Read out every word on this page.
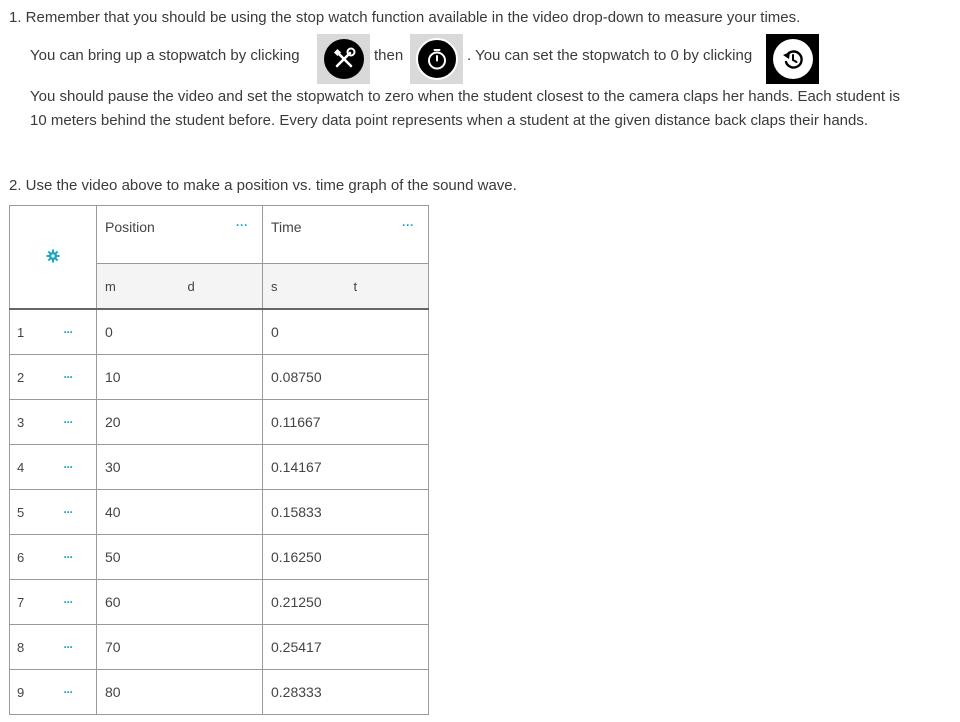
1. Remember that you should be using the stop watch function available in the video drop-down to measure your times.
You can bring up a stopwatch by clicking	then	. You can set the stopwatch to 0 by clicking
You should pause the video and set the stopwatch to zero when the student closest to the camera claps her hands. Each student is
10 meters behind the student before. Every data point represents when a student at the given distance back claps their hands.
2. Use the video above to make a position vs. time graph of the sound wave.
	Position ···		Time ···	

		m	d	s	t
1	···	0		0	
2	···	10		0.08750	
3	···	20		0.11667	
4	···	30		0.14167	
5	···	40		0.15833	
6	···	50		0.16250	
7	···	60		0.21250	
8	···	70		0.25417	
9	···	80		0.28333	
